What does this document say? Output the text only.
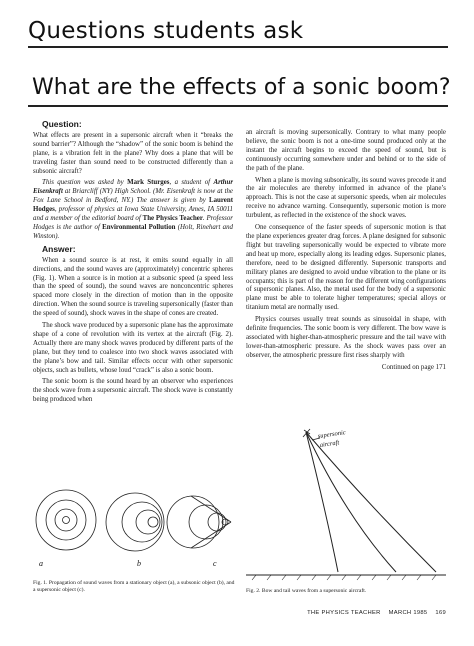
Questions students ask
What are the effects of a sonic boom?

Question:

What effects are present in a supersonic aircraft when it “breaks the sound barrier”? Although the “shadow” of the sonic boom is behind the plane, is a vibration felt in the plane? Why does a plane that will be traveling faster than sound need to be constructed differently than a subsonic aircraft?

This question was asked by Mark Sturges, a student of Arthur Eisenkraft at Briarcliff (NY) High School. (Mr. Eisenkraft is now at the Fox Lane School in Bedford, NY.) The answer is given by Laurent Hodges, professor of physics at Iowa State University, Ames, IA 50011 and a member of the editorial board of The Physics Teacher. Professor Hodges is the author of Environmental Pollution (Holt, Rinehart and Winston).

Answer:

When a sound source is at rest, it emits sound equally in all directions, and the sound waves are (approximately) concentric spheres (Fig. 1). When a source is in motion at a subsonic speed (a speed less than the speed of sound), the sound waves are nonconcentric spheres spaced more closely in the direction of motion than in the opposite direction. When the sound source is traveling supersonically (faster than the speed of sound), shock waves in the shape of cones are created.

The shock wave produced by a supersonic plane has the approximate shape of a cone of revolution with its vertex at the aircraft (Fig. 2). Actually there are many shock waves produced by different parts of the plane, but they tend to coalesce into two shock waves associated with the plane’s bow and tail. Similar effects occur with other supersonic objects, such as bullets, whose loud “crack” is also a sonic boom.

The sonic boom is the sound heard by an observer who experiences the shock wave from a supersonic aircraft. The shock wave is constantly being produced when

an aircraft is moving supersonically. Contrary to what many people believe, the sonic boom is not a one-time sound produced only at the instant the aircraft begins to exceed the speed of sound, but is continuously occurring somewhere under and behind or to the side of the path of the plane.

When a plane is moving subsonically, its sound waves precede it and the air molecules are thereby informed in advance of the plane’s approach. This is not the case at supersonic speeds, when air molecules receive no advance warning. Consequently, supersonic motion is more turbulent, as reflected in the existence of the shock waves.

One consequence of the faster speeds of supersonic motion is that the plane experiences greater drag forces. A plane designed for subsonic flight but traveling supersonically would be expected to vibrate more and heat up more, especially along its leading edges. Supersonic planes, therefore, need to be designed differently. Supersonic transports and military planes are designed to avoid undue vibration to the plane or its occupants; this is part of the reason for the different wing configurations of supersonic planes. Also, the metal used for the body of a supersonic plane must be able to tolerate higher temperatures; special alloys or titanium metal are normally used.

Physics courses usually treat sounds as sinusoidal in shape, with definite frequencies. The sonic boom is very different. The bow wave is associated with higher-than-atmospheric pressure and the tail wave with lower-than-atmospheric pressure. As the shock waves pass over an observer, the atmospheric pressure first rises sharply with

Continued on page 171

a	b	c
supersonic
aircraft
Fig. 1. Propagation of sound waves from a stationary object (a), a subsonic object (b), and a supersonic object (c).	Fig. 2. Bow and tail waves from a supersonic aircraft.
THE PHYSICS TEACHER MARCH 1985 169
